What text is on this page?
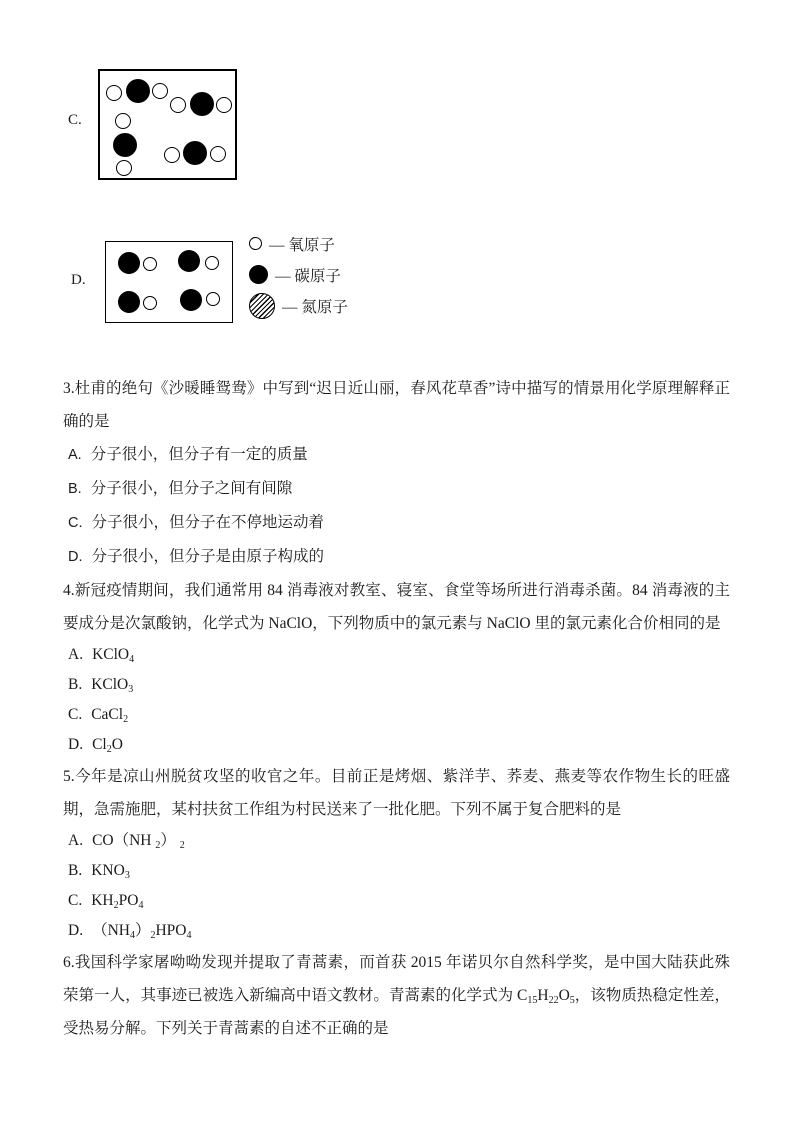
C.
D.
— 氧原子
— 碳原子
— 氮原子

3.杜甫的绝句《沙暖睡鸳鸯》中写到“迟日近山丽，春风花草香”诗中描写的情景用化学原理解释正确的是

A. 分子很小，但分子有一定的质量
B. 分子很小，但分子之间有间隙
C. 分子很小，但分子在不停地运动着
D. 分子很小，但分子是由原子构成的

4.新冠疫情期间，我们通常用 84 消毒液对教室、寝室、食堂等场所进行消毒杀菌。84 消毒液的主要成分是次氯酸钠，化学式为 NaClO，下列物质中的氯元素与 NaClO 里的氯元素化合价相同的是

A. KClO$_4$
B. KClO$_3$
C. CaCl$_2$
D. $Cl_2O$

5.今年是凉山州脱贫攻坚的收官之年。目前正是烤烟、紫洋芋、荞麦、燕麦等农作物生长的旺盛期，急需施肥，某村扶贫工作组为村民送来了一批化肥。下列不属于复合肥料的是

A. CO（NH $_2$） $_2$
B. $KNO_3$
C. $KH_2PO_4$
D. $(NH_4)_2HPO_4$

6.我国科学家屠呦呦发现并提取了青蒿素，而首获 2015 年诺贝尔自然科学奖，是中国大陆获此殊荣第一人，其事迹已被选入新编高中语文教材。青蒿素的化学式为 $C_{15}H_{22}O_5$，该物质热稳定性差，受热易分解。下列关于青蒿素的自述不正确的是
